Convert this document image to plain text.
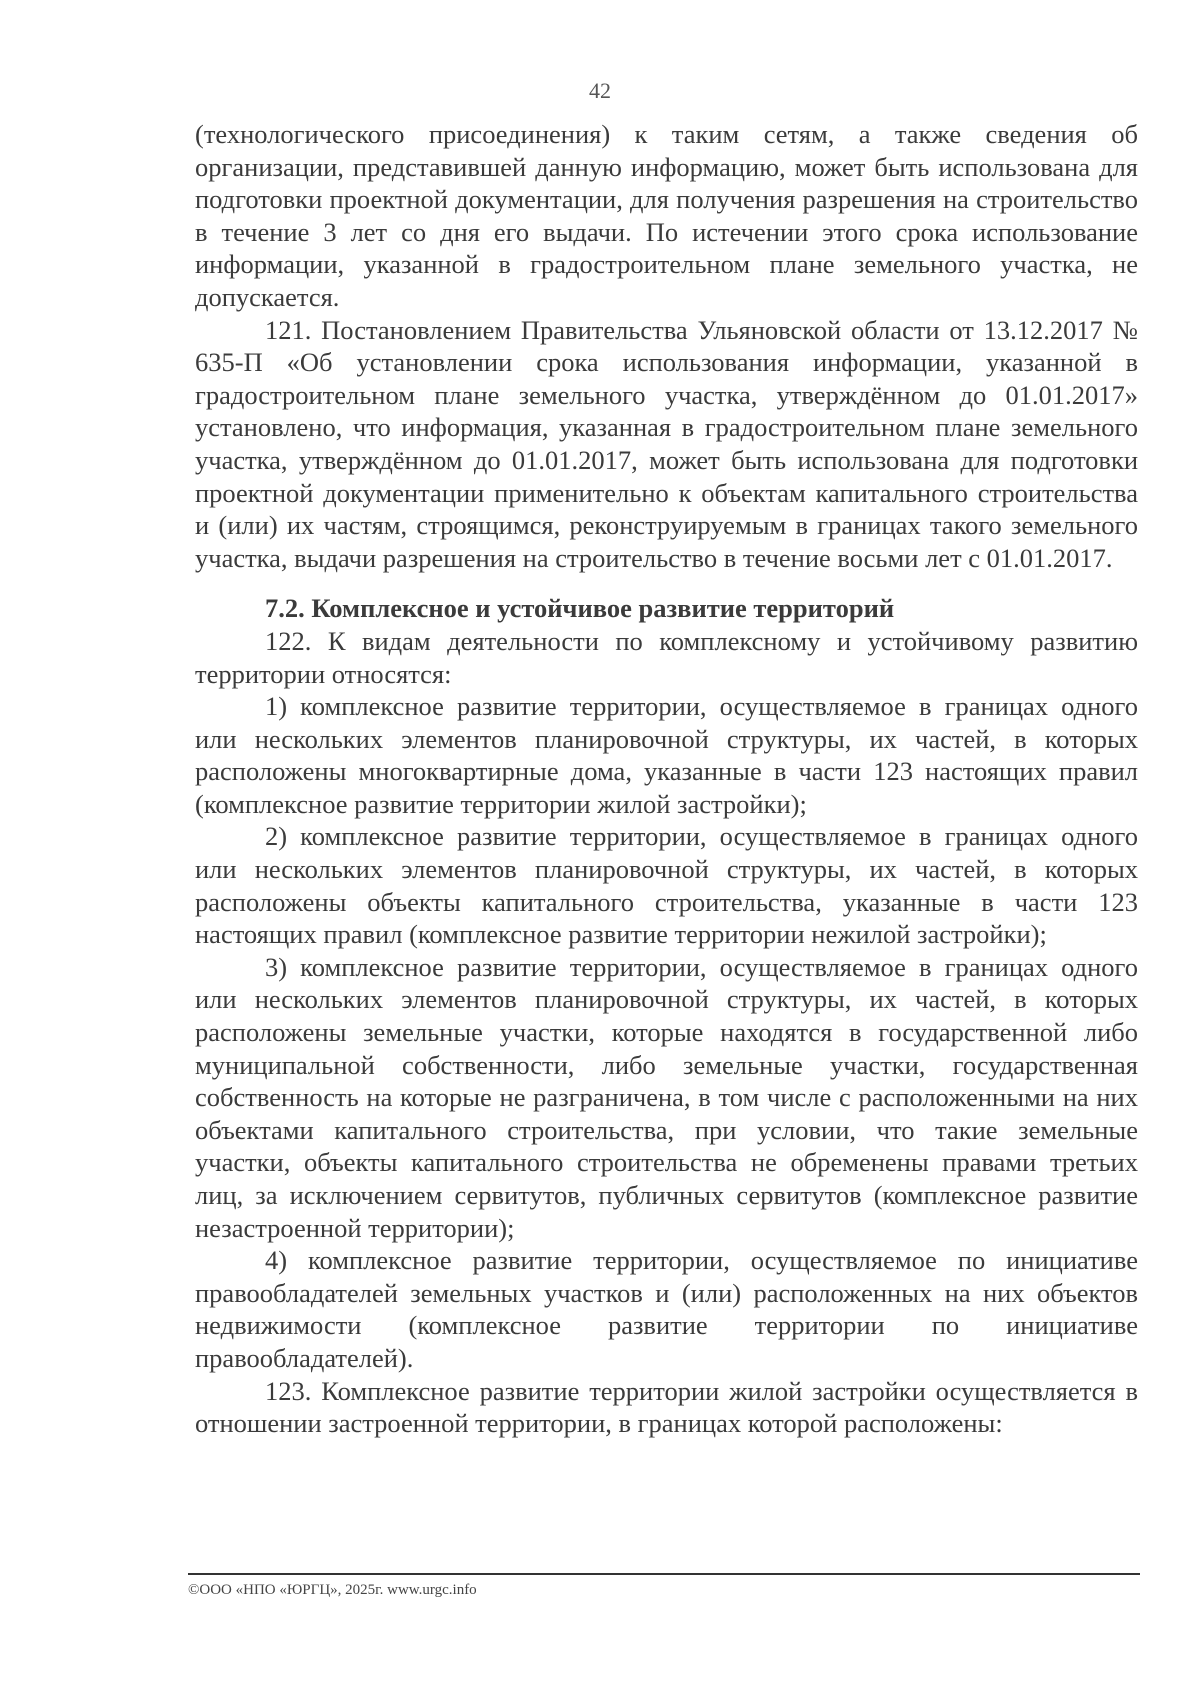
42

(технологического присоединения) к таким сетям, а также сведения об организации, представившей данную информацию, может быть использована для подготовки проектной документации, для получения разрешения на строительство в течение 3 лет со дня его выдачи. По истечении этого срока использование информации, указанной в градостроительном плане земельного участка, не допускается.

121. Постановлением Правительства Ульяновской области от 13.12.2017 № 635-П «Об установлении срока использования информации, указанной в градостроительном плане земельного участка, утверждённом до 01.01.2017» установлено, что информация, указанная в градостроительном плане земельного участка, утверждённом до 01.01.2017, может быть использована для подготовки проектной документации применительно к объектам капитального строительства и (или) их частям, строящимся, реконструируемым в границах такого земельного участка, выдачи разрешения на строительство в течение восьми лет с 01.01.2017.

7.2. Комплексное и устойчивое развитие территорий

122. К видам деятельности по комплексному и устойчивому развитию территории относятся:

1) комплексное развитие территории, осуществляемое в границах одного или нескольких элементов планировочной структуры, их частей, в которых расположены многоквартирные дома, указанные в части 123 настоящих правил (комплексное развитие территории жилой застройки);

2) комплексное развитие территории, осуществляемое в границах одного или нескольких элементов планировочной структуры, их частей, в которых расположены объекты капитального строительства, указанные в части 123 настоящих правил (комплексное развитие территории нежилой застройки);

3) комплексное развитие территории, осуществляемое в границах одного или нескольких элементов планировочной структуры, их частей, в которых расположены земельные участки, которые находятся в государственной либо муниципальной собственности, либо земельные участки, государственная собственность на которые не разграничена, в том числе с расположенными на них объектами капитального строительства, при условии, что такие земельные участки, объекты капитального строительства не обременены правами третьих лиц, за исключением сервитутов, публичных сервитутов (комплексное развитие незастроенной территории);

4) комплексное развитие территории, осуществляемое по инициативе правообладателей земельных участков и (или) расположенных на них объектов недвижимости (комплексное развитие территории по инициативе правообладателей).

123. Комплексное развитие территории жилой застройки осуществляется в отношении застроенной территории, в границах которой расположены:

©ООО «НПО «ЮРГЦ», 2025г. www.urgc.info
